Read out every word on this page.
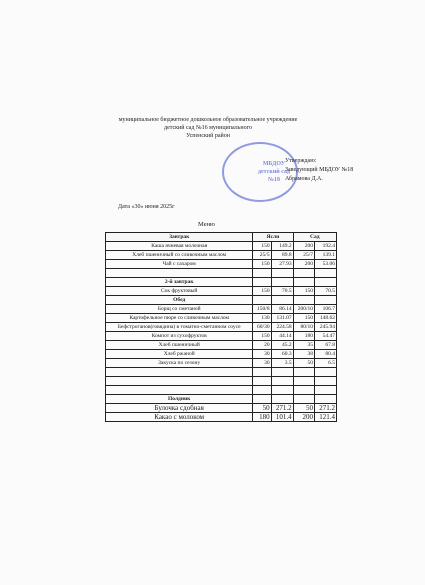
муниципальное бюджетное дошкольное образовательное учреждение
детский сад №16 муниципального
Успенский район
МБДОУ
детский сад
№18
Утверждаю:
Заведующий МБДОУ №18
Абрамова Д.А.
Дата «30» июня 2025г
Меню
Завтрак	Ясли		Сад	
Каша ячневая молочная	150	149.2	200	192.4
Хлеб пшеничный со сливочным маслом	25/5	89.8	25/7	139.1
Чай с сахаром	150	27.93	200	53.06

2-й завтрак				
Сок фруктовый	150	70.5	150	70.5
Обед				
Борщ со сметаной	150/8	86.14	200/10	106.7
Картофельное пюре со сливочным маслом	130	131.07	150	148.62
Бефстроганов(говядина) в томатно-сметанном соусе	60/30	224.58	80/10	245.94
Компот из сухофруктов	150	44.14	180	54.47
Хлеб пшеничный	20	45.2	35	67.8
Хлеб ржаной	30	60.3	38	80.4
Закуска по сезону	30	3.5	50	6.5

Полдник				
Булочка сдобная	50	271.2	50	271.2
Какао с молоком	180	101.4	200	121.4
